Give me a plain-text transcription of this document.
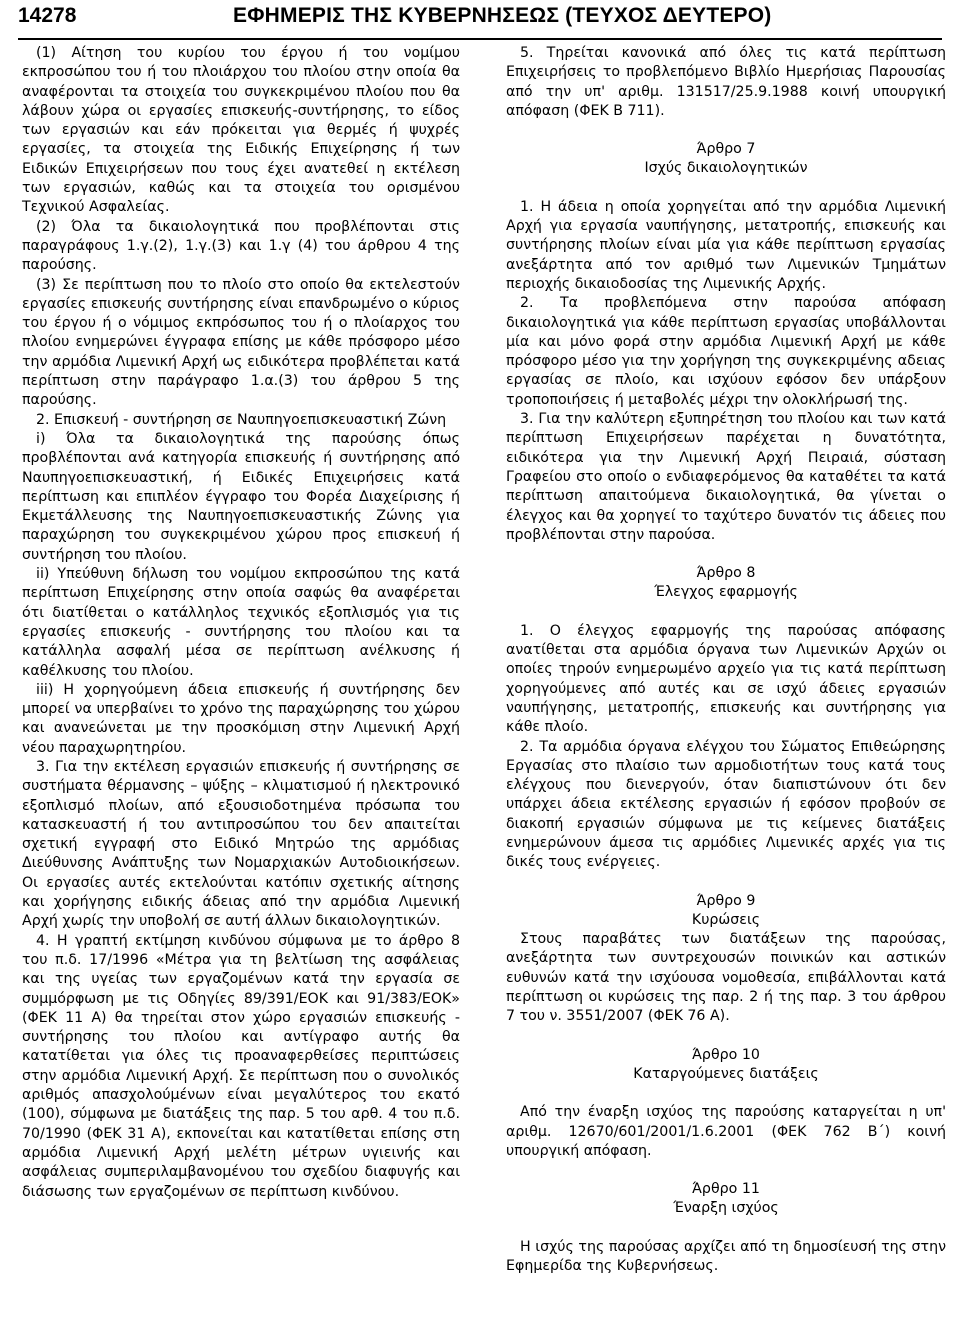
14278	ΕΦΗΜΕΡΙΣ ΤΗΣ ΚΥΒΕΡΝΗΣΕΩΣ (ΤΕΥΧΟΣ ΔΕΥΤΕΡΟ)

(1) Αίτηση του κυρίου του έργου ή του νομίμου εκπροσώπου του ή του πλοιάρχου του πλοίου στην οποία θα αναφέρονται τα στοιχεία του συγκεκριμένου πλοίου που θα λάβουν χώρα οι εργασίες επισκευής-συντήρησης, το είδος των εργασιών και εάν πρόκειται για θερμές ή ψυχρές εργασίες, τα στοιχεία της Ειδικής Επιχείρησης ή των Ειδικών Επιχειρήσεων που τους έχει ανατεθεί η εκτέλεση των εργασιών, καθώς και τα στοιχεία του ορισμένου Τεχνικού Ασφαλείας.

(2) Όλα τα δικαιολογητικά που προβλέπονται στις παραγράφους 1.γ.(2), 1.γ.(3) και 1.γ (4) του άρθρου 4 της παρούσης.

(3) Σε περίπτωση που το πλοίο στο οποίο θα εκτελεστούν εργασίες επισκευής συντήρησης είναι επανδρωμένο ο κύριος του έργου ή ο νόμιμος εκπρόσωπος του ή ο πλοίαρχος του πλοίου ενημερώνει έγγραφα επίσης με κάθε πρόσφορο μέσο την αρμόδια Λιμενική Αρχή ως ειδικότερα προβλέπεται κατά περίπτωση στην παράγραφο 1.α.(3) του άρθρου 5 της παρούσης.

2. Επισκευή - συντήρηση σε Ναυπηγοεπισκευαστική Ζώνη

i) Όλα τα δικαιολογητικά της παρούσης όπως προβλέπονται ανά κατηγορία επισκευής ή συντήρησης από Ναυπηγοεπισκευαστική, ή Ειδικές Επιχειρήσεις κατά περίπτωση και επιπλέον έγγραφο του Φορέα Διαχείρισης ή Εκμετάλλευσης της Ναυπηγοεπισκευαστικής Ζώνης για παραχώρηση του συγκεκριμένου χώρου προς επισκευή ή συντήρηση του πλοίου.

ii) Υπεύθυνη δήλωση του νομίμου εκπροσώπου της κατά περίπτωση Επιχείρησης στην οποία σαφώς θα αναφέρεται ότι διατίθεται ο κατάλληλος τεχνικός εξοπλισμός για τις εργασίες επισκευής - συντήρησης του πλοίου και τα κατάλληλα ασφαλή μέσα σε περίπτωση ανέλκυσης ή καθέλκυσης του πλοίου.

iii) Η χορηγούμενη άδεια επισκευής ή συντήρησης δεν μπορεί να υπερβαίνει το χρόνο της παραχώρησης του χώρου και ανανεώνεται με την προσκόμιση στην Λιμενική Αρχή νέου παραχωρητηρίου.

3. Για την εκτέλεση εργασιών επισκευής ή συντήρησης σε συστήματα θέρμανσης – ψύξης – κλιματισμού ή ηλεκτρονικό εξοπλισμό πλοίων, από εξουσιοδοτημένα πρόσωπα του κατασκευαστή ή του αντιπροσώπου του δεν απαιτείται σχετική εγγραφή στο Ειδικό Μητρώο της αρμόδιας Διεύθυνσης Ανάπτυξης των Νομαρχιακών Αυτοδιοικήσεων. Οι εργασίες αυτές εκτελούνται κατόπιν σχετικής αίτησης και χορήγησης ειδικής άδειας από την αρμόδια Λιμενική Αρχή χωρίς την υποβολή σε αυτή άλλων δικαιολογητικών.

4. Η γραπτή εκτίμηση κινδύνου σύμφωνα με το άρθρο 8 του π.δ. 17/1996 «Μέτρα για τη βελτίωση της ασφάλειας και της υγείας των εργαζομένων κατά την εργασία σε συμμόρφωση με τις Οδηγίες 89/391/ΕΟΚ και 91/383/ΕΟΚ» (ΦΕΚ 11 Α) θα τηρείται στον χώρο εργασιών επισκευής - συντήρησης του πλοίου και αντίγραφο αυτής θα κατατίθεται για όλες τις προαναφερθείσες περιπτώσεις στην αρμόδια Λιμενική Αρχή. Σε περίπτωση που ο συνολικός αριθμός απασχολούμένων είναι μεγαλύτερος του εκατό (100), σύμφωνα με διατάξεις της παρ. 5 του αρθ. 4 του π.δ. 70/1990 (ΦΕΚ 31 Α), εκπονείται και κατατίθεται επίσης στη αρμόδια Λιμενική Αρχή μελέτη μέτρων υγιεινής και ασφάλειας συμπεριλαμβανομένου του σχεδίου διαφυγής και διάσωσης των εργαζομένων σε περίπτωση κινδύνου.

5. Τηρείται κανονικά από όλες τις κατά περίπτωση Επιχειρήσεις το προβλεπόμενο Βιβλίο Ημερήσιας Παρουσίας από την υπ' αριθμ. 131517/25.9.1988 κοινή υπουργική απόφαση (ΦΕΚ Β 711).

Άρθρο 7
Ισχύς δικαιολογητικών

1. Η άδεια η οποία χορηγείται από την αρμόδια Λιμενική Αρχή για εργασία ναυπήγησης, μετατροπής, επισκευής και συντήρησης πλοίων είναι μία για κάθε περίπτωση εργασίας ανεξάρτητα από τον αριθμό των Λιμενικών Τμημάτων περιοχής δικαιοδοσίας της Λιμενικής Αρχής.

2. Τα προβλεπόμενα στην παρούσα απόφαση δικαιολογητικά για κάθε περίπτωση εργασίας υποβάλλονται μία και μόνο φορά στην αρμόδια Λιμενική Αρχή με κάθε πρόσφορο μέσο για την χορήγηση της συγκεκριμένης αδειας εργασίας σε πλοίο, και ισχύουν εφόσον δεν υπάρξουν τροποποιήσεις ή μεταβολές μέχρι την ολοκλήρωσή της.

3. Για την καλύτερη εξυπηρέτηση του πλοίου και των κατά περίπτωση Επιχειρήσεων παρέχεται η δυνατότητα, ειδικότερα για την Λιμενική Αρχή Πειραιά, σύσταση Γραφείου στο οποίο ο ενδιαφερόμενος θα καταθέτει τα κατά περίπτωση απαιτούμενα δικαιολογητικά, θα γίνεται ο έλεγχος και θα χορηγεί το ταχύτερο δυνατόν τις άδειες που προβλέπονται στην παρούσα.

Άρθρο 8
Έλεγχος εφαρμογής

1. Ο έλεγχος εφαρμογής της παρούσας απόφασης ανατίθεται στα αρμόδια όργανα των Λιμενικών Αρχών οι οποίες τηρούν ενημερωμένο αρχείο για τις κατά περίπτωση χορηγούμενες από αυτές και σε ισχύ άδειες εργασιών ναυπήγησης, μετατροπής, επισκευής και συντήρησης για κάθε πλοίο.

2. Τα αρμόδια όργανα ελέγχου του Σώματος Επιθεώρησης Εργασίας στο πλαίσιο των αρμοδιοτήτων τους κατά τους ελέγχους που διενεργούν, όταν διαπιστώνουν ότι δεν υπάρχει άδεια εκτέλεσης εργασιών ή εφόσον προβούν σε διακοπή εργασιών σύμφωνα με τις κείμενες διατάξεις ενημερώνουν άμεσα τις αρμόδιες Λιμενικές αρχές για τις δικές τους ενέργειες.

Άρθρο 9
Κυρώσεις

Στους παραβάτες των διατάξεων της παρούσας, ανεξάρτητα των συντρεχουσών ποινικών και αστικών ευθυνών κατά την ισχύουσα νομοθεσία, επιβάλλονται κατά περίπτωση οι κυρώσεις της παρ. 2 ή της παρ. 3 του άρθρου 7 του ν. 3551/2007 (ΦΕΚ 76 Α).

Άρθρο 10
Καταργούμενες διατάξεις

Από την έναρξη ισχύος της παρούσης καταργείται η υπ' αριθμ. 12670/601/2001/1.6.2001 (ΦΕΚ 762 Β΄) κοινή υπουργική απόφαση.

Άρθρο 11
Έναρξη ισχύος

Η ισχύς της παρούσας αρχίζει από τη δημοσίευσή της στην Εφημερίδα της Κυβερνήσεως.
